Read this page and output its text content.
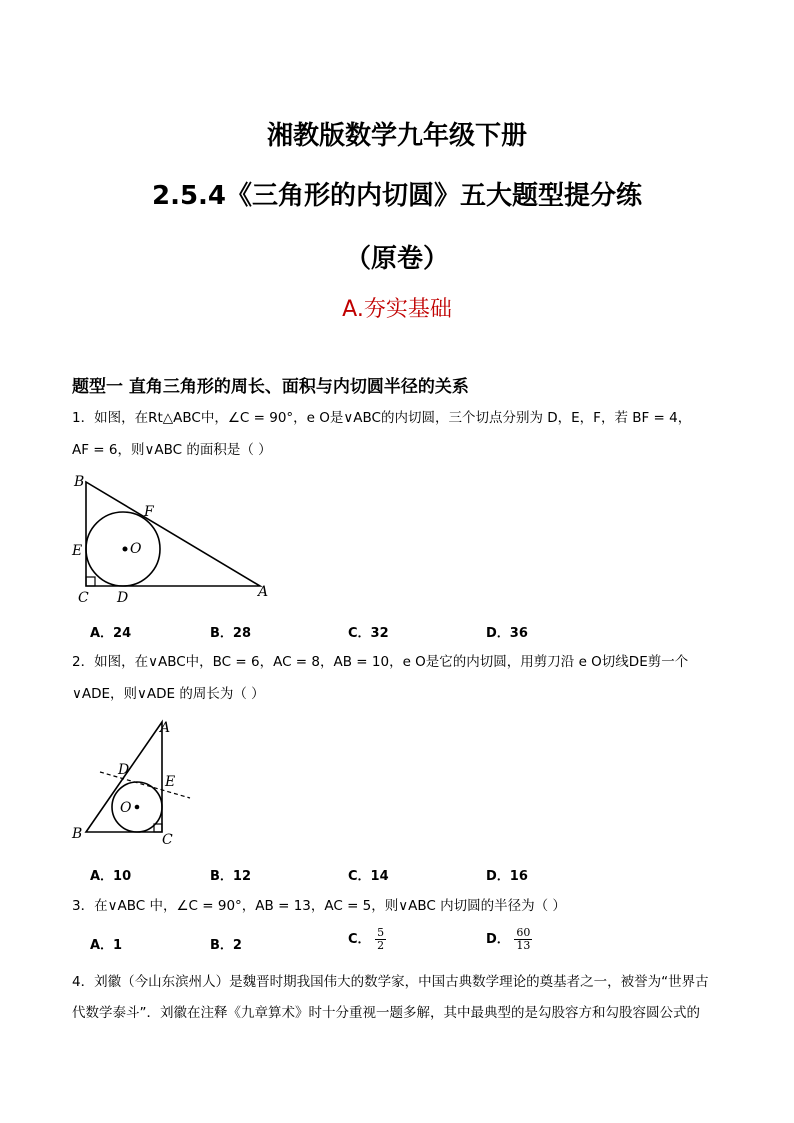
湘教版数学九年级下册
2.5.4《三角形的内切圆》五大题型提分练
（原卷）
A.夯实基础
题型一 直角三角形的周长、面积与内切圆半径的关系
1．如图，在Rt△ABC中，∠C = 90°，e O是∨ABC的内切圆，三个切点分别为 D，E，F，若 BF = 4，
AF = 6，则∨ABC 的面积是（ ）
B
F
O
E
C D	A
A．24	B．28	C．32	D．36
2．如图，在∨ABC中，BC = 6，AC = 8，AB = 10，e O是它的内切圆，用剪刀沿 e O切线DE剪一个
∨ADE，则∨ADE 的周长为（ ）
A
D
E
O
B	C
A．10	B．12	C．14	D．16
3．在∨ABC 中，∠C = 90°，AB = 13，AC = 5，则∨ABC 内切圆的半径为（ ）
A．1	B．2	C． $\frac{5}{2}$	D． $\frac{60}{13}$
4．刘徽（今山东滨州人）是魏晋时期我国伟大的数学家，中国古典数学理论的奠基者之一，被誉为“世界古
代数学泰斗”．刘徽在注释《九章算术》时十分重视一题多解，其中最典型的是勾股容方和勾股容圆公式的
